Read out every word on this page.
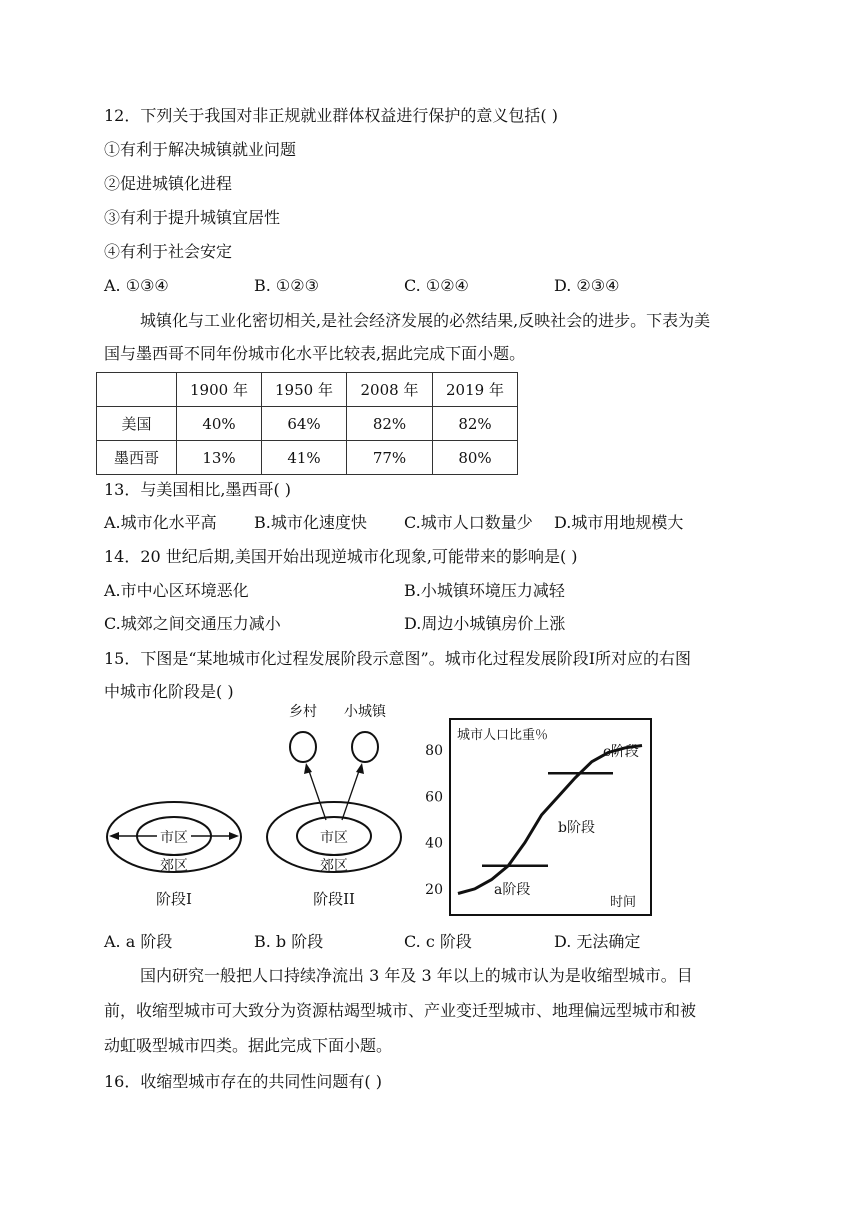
12．下列关于我国对非正规就业群体权益进行保护的意义包括( )
①有利于解决城镇就业问题
②促进城镇化进程
③有利于提升城镇宜居性
④有利于社会安定
A. ①③④	B. ①②③	C. ①②④	D. ②③④
城镇化与工业化密切相关,是社会经济发展的必然结果,反映社会的进步。下表为美
国与墨西哥不同年份城市化水平比较表,据此完成下面小题。
	1900 年	1950 年	2008 年	2019 年
美国	40%	64%	82%	82%
墨西哥	13%	41%	77%	80%
13．与美国相比,墨西哥( )
A.城市化水平高 B.城市化速度快 C.城市人口数量少 D.城市用地规模大
14．20 世纪后期,美国开始出现逆城市化现象,可能带来的影响是( )
A.市中心区环境恶化	B.小城镇环境压力减轻
C.城郊之间交通压力减小	D.周边小城镇房价上涨
15．下图是“某地城市化过程发展阶段示意图”。城市化过程发展阶段Ⅰ所对应的右图
中城市化阶段是( )
市区
郊区
阶段I
乡村 小城镇
市区
郊区
阶段II
城市人口比重％
20
40
60
80
a阶段
b阶段
c阶段
时间
A. a 阶段	B. b 阶段	C. c 阶段	D. 无法确定
国内研究一般把人口持续净流出 3 年及 3 年以上的城市认为是收缩型城市。目
前，收缩型城市可大致分为资源枯竭型城市、产业变迁型城市、地理偏远型城市和被
动虹吸型城市四类。据此完成下面小题。
16．收缩型城市存在的共同性问题有( )
